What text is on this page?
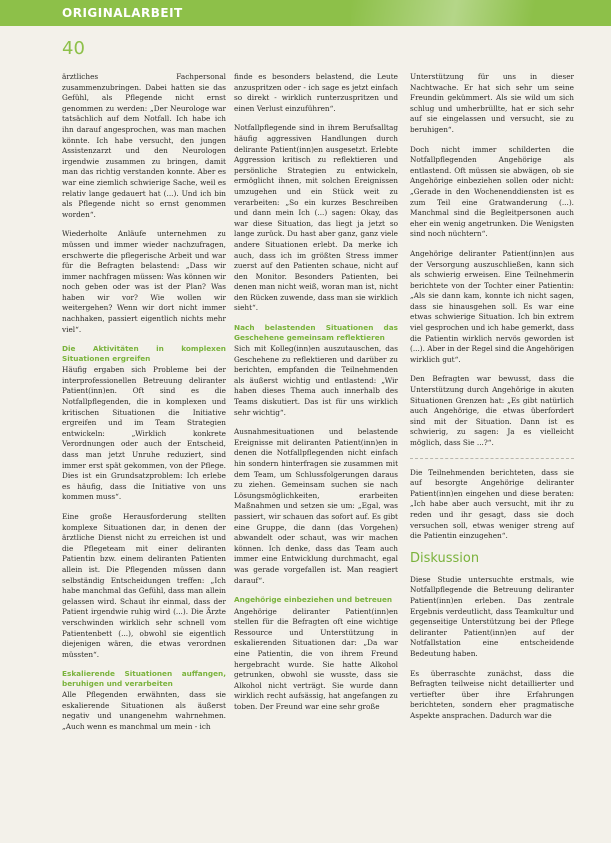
ORIGINALARBEIT
40

ärztliches Fachpersonal zusammenzubringen. Dabei hatten sie das Gefühl, als Pflegende nicht ernst genommen zu werden: „Der Neurologe war tatsächlich auf dem Notfall. Ich habe ich ihn darauf angesprochen, was man machen könnte. Ich habe versucht, den jungen Assistenzarzt und den Neurologen irgendwie zusammen zu bringen, damit man das richtig verstanden konnte. Aber es war eine ziemlich schwierige Sache, weil es relativ lange gedauert hat (...). Und ich bin als Pflegende nicht so ernst genommen worden“.

Wiederholte Anläufe unternehmen zu müssen und immer wieder nachzufragen, erschwerte die pflegerische Arbeit und war für die Befragten belastend: „Dass wir immer nachfragen müssen: Was können wir noch geben oder was ist der Plan? Was haben wir vor? Wie wollen wir weitergehen? Wenn wir dort nicht immer nachhaken, passiert eigentlich nichts mehr viel“.

Die Aktivitäten in komplexen Situationen ergreifen

Häufig ergaben sich Probleme bei der interprofessionellen Betreuung deliranter Patient(inn)en. Oft sind es die Notfallpflegenden, die in komplexen und kritischen Situationen die Initiative ergreifen und im Team Strategien entwickeln: „Wirklich konkrete Verordnungen oder auch der Entscheid, dass man jetzt Unruhe reduziert, sind immer erst spät gekommen, von der Pflege. Dies ist ein Grundsatzproblem: Ich erlebe es häufig, dass die Initiative von uns kommen muss“.

Eine große Herausforderung stellten komplexe Situationen dar, in denen der ärztliche Dienst nicht zu erreichen ist und die Pflegeteam mit einer deliranten Patientin bzw. einem deliranten Patienten allein ist. Die Pflegenden müssen dann selbständig Entscheidungen treffen: „Ich habe manchmal das Gefühl, dass man allein gelassen wird. Schaut ihr einmal, dass der Patient irgendwie ruhig wird (...). Die Ärzte verschwinden wirklich sehr schnell vom Patientenbett (...), obwohl sie eigentlich diejenigen wären, die etwas verordnen müssten“.

Eskalierende Situationen auffangen, beruhigen und verarbeiten

Alle Pflegenden erwähnten, dass sie eskalierende Situationen als äußerst negativ und unangenehm wahrnehmen. „Auch wenn es manchmal um mein - ich

finde es besonders belastend, die Leute anzuspritzen oder - ich sage es jetzt einfach so direkt - wirklich runterzuspritzen und einen Verlust einzuführen“.

Notfallpflegende sind in ihrem Berufsalltag häufig aggressiven Handlungen durch delirante Patient(inn)en ausgesetzt. Erlebte Aggression kritisch zu reflektieren und persönliche Strategien zu entwickeln, ermöglicht ihnen, mit solchen Ereignissen umzugehen und ein Stück weit zu verarbeiten: „So ein kurzes Beschreiben und dann mein Ich (...) sagen: Okay, das war diese Situation, das liegt ja jetzt so lange zurück. Du hast aber ganz, ganz viele andere Situationen erlebt. Da merke ich auch, dass ich im größten Stress immer zuerst auf den Patienten schaue, nicht auf den Monitor. Besonders Patienten, bei denen man nicht weiß, woran man ist, nicht den Rücken zuwende, dass man sie wirklich sieht“.

Nach belastenden Situationen das Geschehene gemeinsam reflektieren

Sich mit Kolleg(inn)en auszutauschen, das Geschehene zu reflektieren und darüber zu berichten, empfanden die Teilnehmenden als äußerst wichtig und entlastend: „Wir haben dieses Thema auch innerhalb des Teams diskutiert. Das ist für uns wirklich sehr wichtig“.

Ausnahmesituationen und belastende Ereignisse mit deliranten Patient(inn)en in denen die Notfallpflegenden nicht einfach hin sondern hinterfragen sie zusammen mit dem Team, um Schlussfolgerungen daraus zu ziehen. Gemeinsam suchen sie nach Lösungsmöglichkeiten, erarbeiten Maßnahmen und setzen sie um: „Egal, was passiert, wir schauen das sofort auf. Es gibt eine Gruppe, die dann (das Vorgehen) abwandelt oder schaut, was wir machen können. Ich denke, dass das Team auch immer eine Entwicklung durchmacht, egal was gerade vorgefallen ist. Man reagiert darauf“.

Angehörige einbeziehen und betreuen

Angehörige deliranter Patient(inn)en stellen für die Befragten oft eine wichtige Ressource und Unterstützung in eskalierenden Situationen dar: „Da war eine Patientin, die von ihrem Freund hergebracht wurde. Sie hatte Alkohol getrunken, obwohl sie wusste, dass sie Alkohol nicht verträgt. Sie wurde dann wirklich recht aufsässig, hat angefangen zu toben. Der Freund war eine sehr große

Unterstützung für uns in dieser Nachtwache. Er hat sich sehr um seine Freundin gekümmert. Als sie wild um sich schlug und umherbrüllte, hat er sich sehr auf sie eingelassen und versucht, sie zu beruhigen“.

Doch nicht immer schilderten die Notfallpflegenden Angehörige als entlastend. Oft müssen sie abwägen, ob sie Angehörige einbeziehen sollen oder nicht: „Gerade in den Wochenenddiensten ist es zum Teil eine Gratwanderung (...). Manchmal sind die Begleitpersonen auch eher ein wenig angetrunken. Die Wenigsten sind noch nüchtern“.

Angehörige deliranter Patient(inn)en aus der Versorgung auszuschließen, kann sich als schwierig erweisen. Eine Teilnehmerin berichtete von der Tochter einer Patientin: „Als sie dann kam, konnte ich nicht sagen, dass sie hinausgehen soll. Es war eine etwas schwierige Situation. Ich bin extrem viel gesprochen und ich habe gemerkt, dass die Patientin wirklich nervös geworden ist (...). Aber in der Regel sind die Angehörigen wirklich gut“.

Den Befragten war bewusst, dass die Unterstützung durch Angehörige in akuten Situationen Grenzen hat: „Es gibt natürlich auch Angehörige, die etwas überfordert sind mit der Situation. Dann ist es schwierig, zu sagen: Ja es vielleicht möglich, dass Sie ...?“.

Die Teilnehmenden berichteten, dass sie auf besorgte Angehörige deliranter Patient(inn)en eingehen und diese beraten: „Ich habe aber auch versucht, mit ihr zu reden und ihr gesagt, dass sie doch versuchen soll, etwas weniger streng auf die Patientin einzugehen“.

Diskussion

Diese Studie untersuchte erstmals, wie Notfallpflegende die Betreuung deliranter Patient(inn)en erleben. Das zentrale Ergebnis verdeutlicht, dass Teamkultur und gegenseitige Unterstützung bei der Pflege deliranter Patient(inn)en auf der Notfallstation eine entscheidende Bedeutung haben.

Es überraschte zunächst, dass die Befragten teilweise nicht detaillierter und vertiefter über ihre Erfahrungen berichteten, sondern eher pragmatische Aspekte ansprachen. Dadurch war die
